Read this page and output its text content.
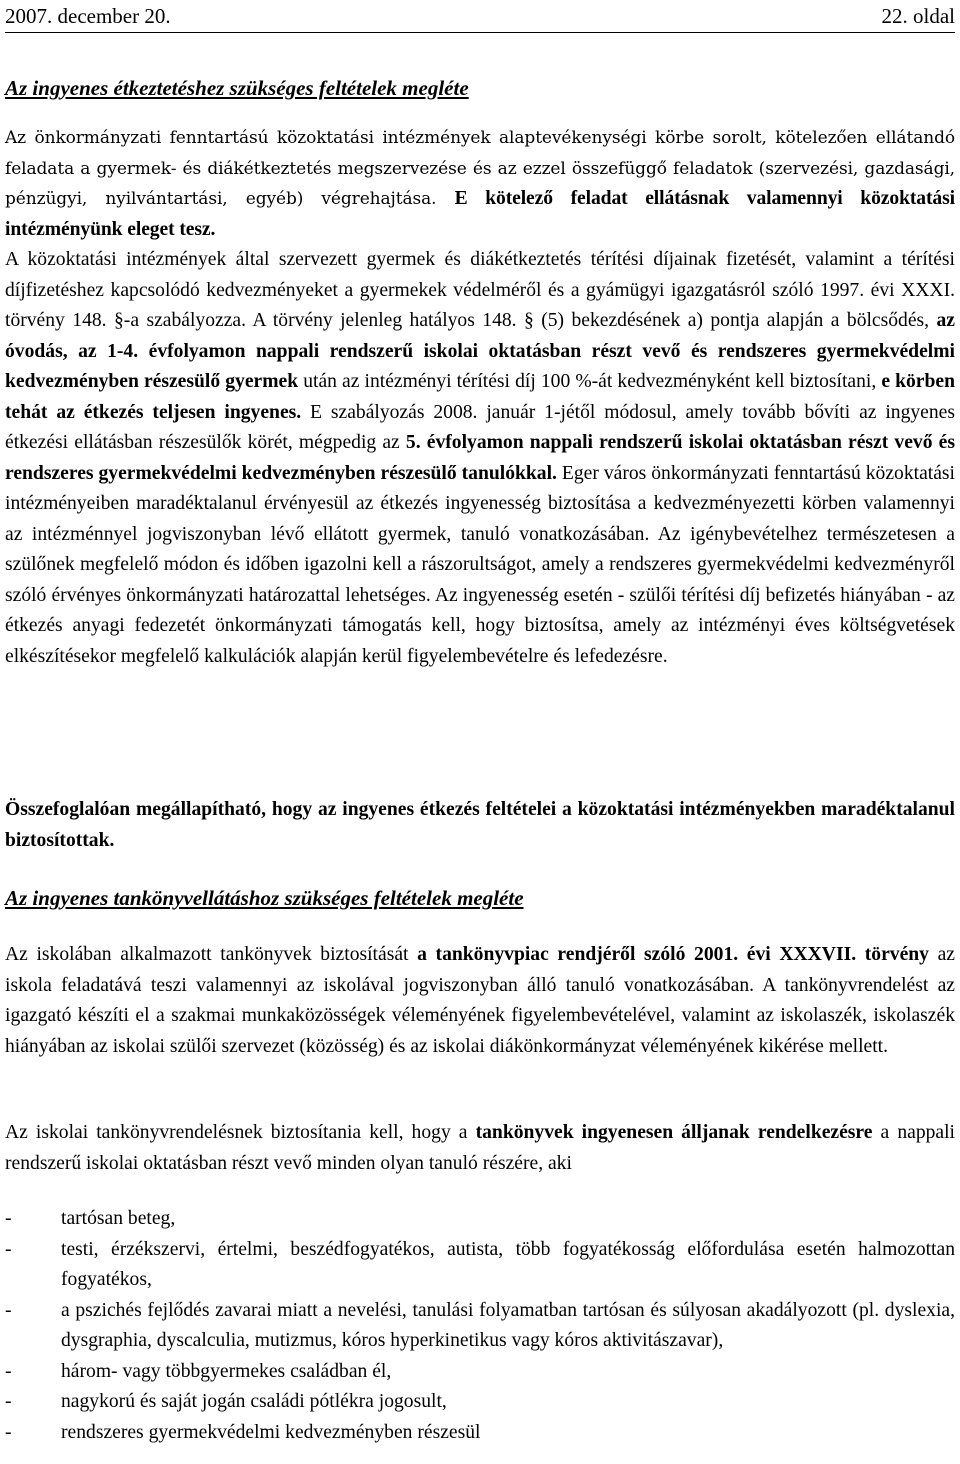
2007. december 20.	22. oldal
Az ingyenes étkeztetéshez szükséges feltételek megléte

Az önkormányzati fenntartású közoktatási intézmények alaptevékenységi körbe sorolt, kötelezően ellátandó feladata a gyermek- és diákétkeztetés megszervezése és az ezzel összefüggő feladatok (szervezési, gazdasági, pénzügyi, nyilvántartási, egyéb) végrehajtása. E kötelező feladat ellátásnak valamennyi közoktatási intézményünk eleget tesz.

A közoktatási intézmények által szervezett gyermek és diákétkeztetés térítési díjainak fizetését, valamint a térítési díjfizetéshez kapcsolódó kedvezményeket a gyermekek védelméről és a gyámügyi igazgatásról szóló 1997. évi XXXI. törvény 148. §-a szabályozza. A törvény jelenleg hatályos 148. § (5) bekezdésének a) pontja alapján a bölcsődés, az óvodás, az 1-4. évfolyamon nappali rendszerű iskolai oktatásban részt vevő és rendszeres gyermekvédelmi kedvezményben részesülő gyermek után az intézményi térítési díj 100 %-át kedvezményként kell biztosítani, e körben tehát az étkezés teljesen ingyenes. E szabályozás 2008. január 1-jétől módosul, amely tovább bővíti az ingyenes étkezési ellátásban részesülők körét, mégpedig az 5. évfolyamon nappali rendszerű iskolai oktatásban részt vevő és rendszeres gyermekvédelmi kedvezményben részesülő tanulókkal. Eger város önkormányzati fenntartású közoktatási intézményeiben maradéktalanul érvényesül az étkezés ingyenesség biztosítása a kedvezményezetti körben valamennyi az intézménnyel jogviszonyban lévő ellátott gyermek, tanuló vonatkozásában. Az igénybevételhez természetesen a szülőnek megfelelő módon és időben igazolni kell a rászorultságot, amely a rendszeres gyermekvédelmi kedvezményről szóló érvényes önkormányzati határozattal lehetséges. Az ingyenesség esetén - szülői térítési díj befizetés hiányában - az étkezés anyagi fedezetét önkormányzati támogatás kell, hogy biztosítsa, amely az intézményi éves költségvetések elkészítésekor megfelelő kalkulációk alapján kerül figyelembevételre és lefedezésre.

Összefoglalóan megállapítható, hogy az ingyenes étkezés feltételei a közoktatási intézményekben maradéktalanul biztosítottak.

Az ingyenes tankönyvellátáshoz szükséges feltételek megléte

Az iskolában alkalmazott tankönyvek biztosítását a tankönyvpiac rendjéről szóló 2001. évi XXXVII. törvény az iskola feladatává teszi valamennyi az iskolával jogviszonyban álló tanuló vonatkozásában. A tankönyvrendelést az igazgató készíti el a szakmai munkaközösségek véleményének figyelembevételével, valamint az iskolaszék, iskolaszék hiányában az iskolai szülői szervezet (közösség) és az iskolai diákönkormányzat véleményének kikérése mellett.

Az iskolai tankönyvrendelésnek biztosítania kell, hogy a tankönyvek ingyenesen álljanak rendelkezésre a nappali rendszerű iskolai oktatásban részt vevő minden olyan tanuló részére, aki

-	tartósan beteg,
-	testi, érzékszervi, értelmi, beszédfogyatékos, autista, több fogyatékosság előfordulása esetén halmozottan fogyatékos,
-	a pszichés fejlődés zavarai miatt a nevelési, tanulási folyamatban tartósan és súlyosan akadályozott (pl. dyslexia, dysgraphia, dyscalculia, mutizmus, kóros hyperkinetikus vagy kóros aktivitászavar),
-	három- vagy többgyermekes családban él,
-	nagykorú és saját jogán családi pótlékra jogosult,
-	rendszeres gyermekvédelmi kedvezményben részesül
